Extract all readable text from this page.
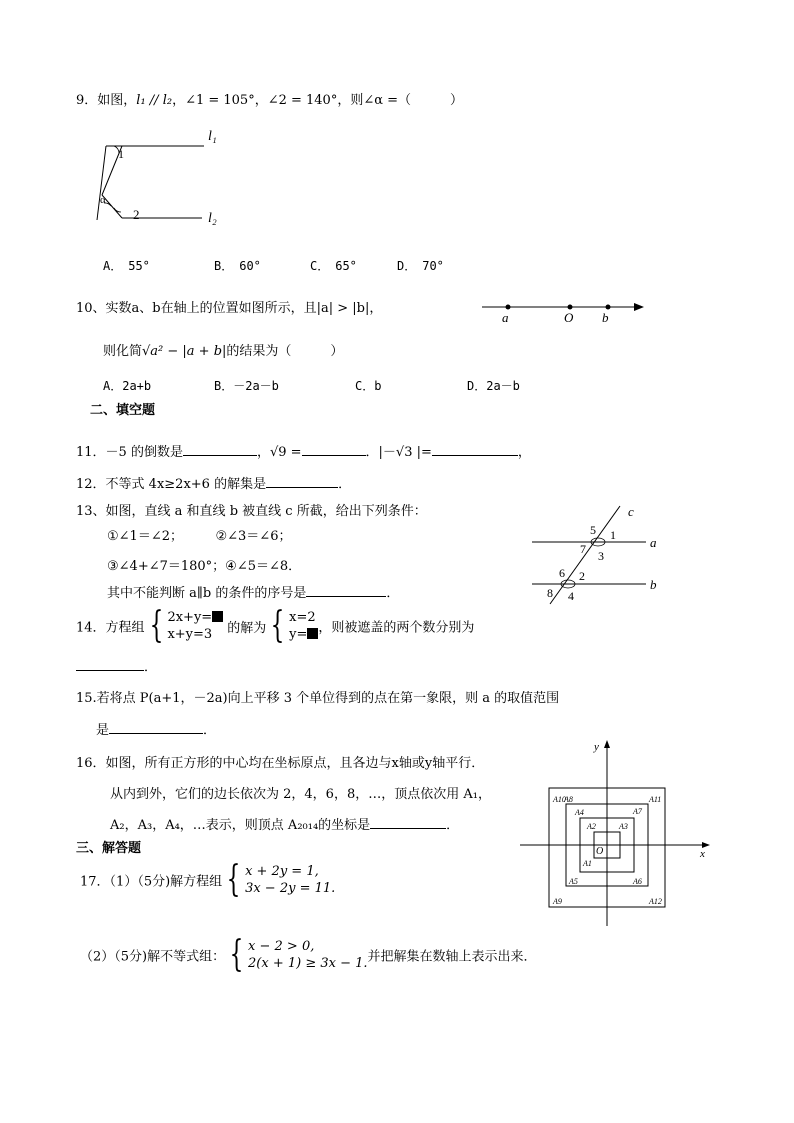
9．如图，l₁ // l₂，∠1 = 105°，∠2 = 140°，则∠α =（　　　）
l₁
l₂
1
2
α
A．　55°	B．　60°	C．　65°	D．　70°
10、实数a、b在轴上的位置如图所示，且|a| > |b|，
a	O b
则化简√a² − |a + b|的结果为（　　　）
A．2a+b	B．－2a－b	C．b	D．2a－b
二、填空题
11．－5 的倒数是	，√9 =	．|－√3 |=	，
12．不等式 4x≥2x+6 的解集是	．
13、如图，直线 a 和直线 b 被直线 c 所截，给出下列条件：
①∠1＝∠2；　　　②∠3＝∠6；
③∠4+∠7＝180°；④∠5＝∠8．
其中不能判断 a∥b 的条件的序号是	．
c
a
b
5 1
7 3
6 2
8 4
14．方程组 { 2x+y=
x+y=3 的解为 { x=2
y= ，则被遮盖的两个数分别为
．
15.若将点 P(a+1，－2a)向上平移 3 个单位得到的点在第一象限，则 a 的取值范围
是	．
16．如图，所有正方形的中心均在坐标原点，且各边与x轴或y轴平行．
从内到外，它们的边长依次为 2，4，6，8，…，顶点依次用 A₁，
A₂，A₃，A₄，…表示，则顶点 A₂₀₁₄的坐标是	．
x
y
O
A1
A2	A3
A4
A5	A6
A7
A8
A9
A10	A11
A12
三、解答题
17．（1）（5分)解方程组 { x + 2y = 1,
3x − 2y = 11.
（2）（5分)解不等式组： { x − 2 > 0,
2(x + 1) ≥ 3x − 1.并把解集在数轴上表示出来．
